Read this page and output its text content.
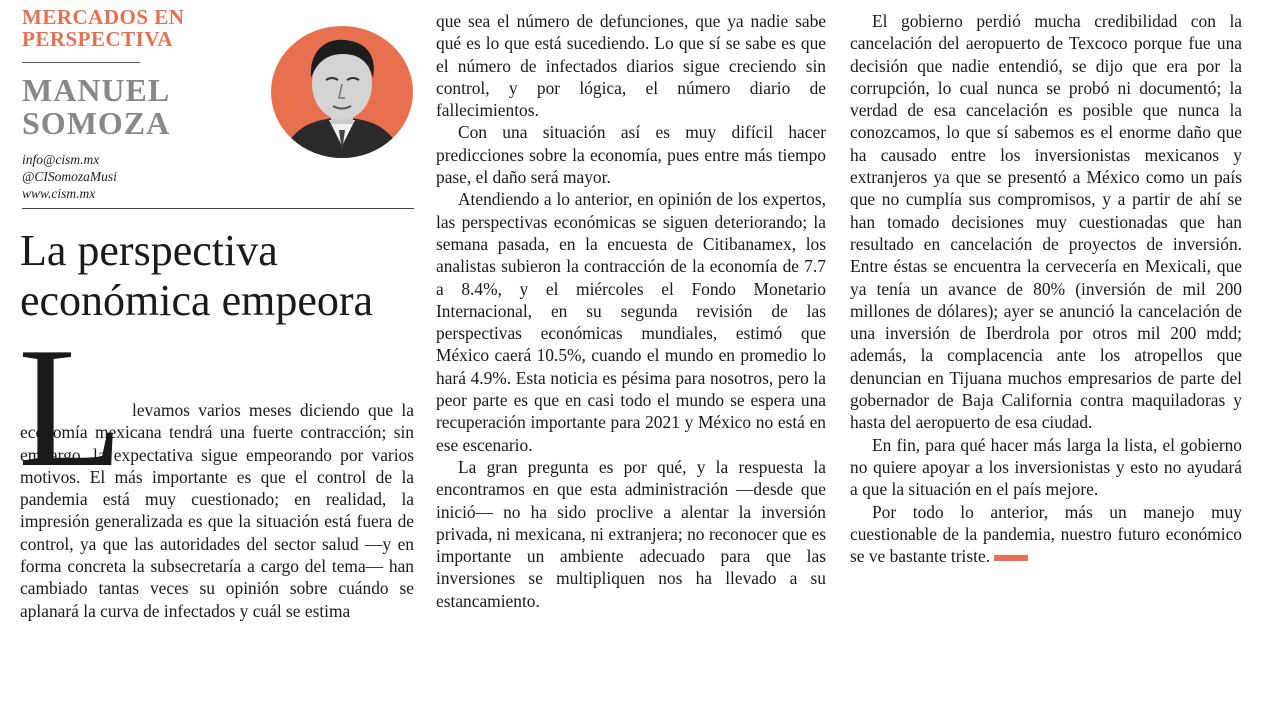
MERCADOS EN
PERSPECTIVA
MANUEL
SOMOZA
info@cism.mx
@CISomozaMusi
www.cism.mx
La perspectiva
económica empeora
L levamos varios meses diciendo que la economía mexicana tendrá una fuerte contracción; sin embargo, la expectativa sigue empeorando por varios motivos. El más importante es que el control de la pandemia está muy cuestionado; en realidad, la impresión generalizada es que la situación está fuera de control, ya que las autoridades del sector salud —y en forma concreta la subsecretaría a cargo del tema— han cambiado tantas veces su opinión sobre cuándo se aplanará la curva de infectados y cuál se estima

que sea el número de defunciones, que ya nadie sabe qué es lo que está sucediendo. Lo que sí se sabe es que el número de infectados diarios sigue creciendo sin control, y por lógica, el número diario de fallecimientos.

Con una situación así es muy difícil hacer predicciones sobre la economía, pues entre más tiempo pase, el daño será mayor.

Atendiendo a lo anterior, en opinión de los expertos, las perspectivas económicas se siguen deteriorando; la semana pasada, en la encuesta de Citibanamex, los analistas subieron la contracción de la economía de 7.7 a 8.4%, y el miércoles el Fondo Monetario Internacional, en su segunda revisión de las perspectivas económicas mundiales, estimó que México caerá 10.5%, cuando el mundo en promedio lo hará 4.9%. Esta noticia es pésima para nosotros, pero la peor parte es que en casi todo el mundo se espera una recuperación importante para 2021 y México no está en ese escenario.

La gran pregunta es por qué, y la respuesta la encontramos en que esta administración —desde que inició— no ha sido proclive a alentar la inversión privada, ni mexicana, ni extranjera; no reconocer que es importante un ambiente adecuado para que las inversiones se multipliquen nos ha llevado a su estancamiento.

El gobierno perdió mucha credibilidad con la cancelación del aeropuerto de Texcoco porque fue una decisión que nadie entendió, se dijo que era por la corrupción, lo cual nunca se probó ni documentó; la verdad de esa cancelación es posible que nunca la conozcamos, lo que sí sabemos es el enorme daño que ha causado entre los inversionistas mexicanos y extranjeros ya que se presentó a México como un país que no cumplía sus compromisos, y a partir de ahí se han tomado decisiones muy cuestionadas que han resultado en cancelación de proyectos de inversión. Entre éstas se encuentra la cervecería en Mexicali, que ya tenía un avance de 80% (inversión de mil 200 millones de dólares); ayer se anunció la cancelación de una inversión de Iberdrola por otros mil 200 mdd; además, la complacencia ante los atropellos que denuncian en Tijuana muchos empresarios de parte del gobernador de Baja California contra maquiladoras y hasta del aeropuerto de esa ciudad.

En fin, para qué hacer más larga la lista, el gobierno no quiere apoyar a los inversionistas y esto no ayudará a que la situación en el país mejore.

Por todo lo anterior, más un manejo muy cuestionable de la pandemia, nuestro futuro económico se ve bastante triste.
